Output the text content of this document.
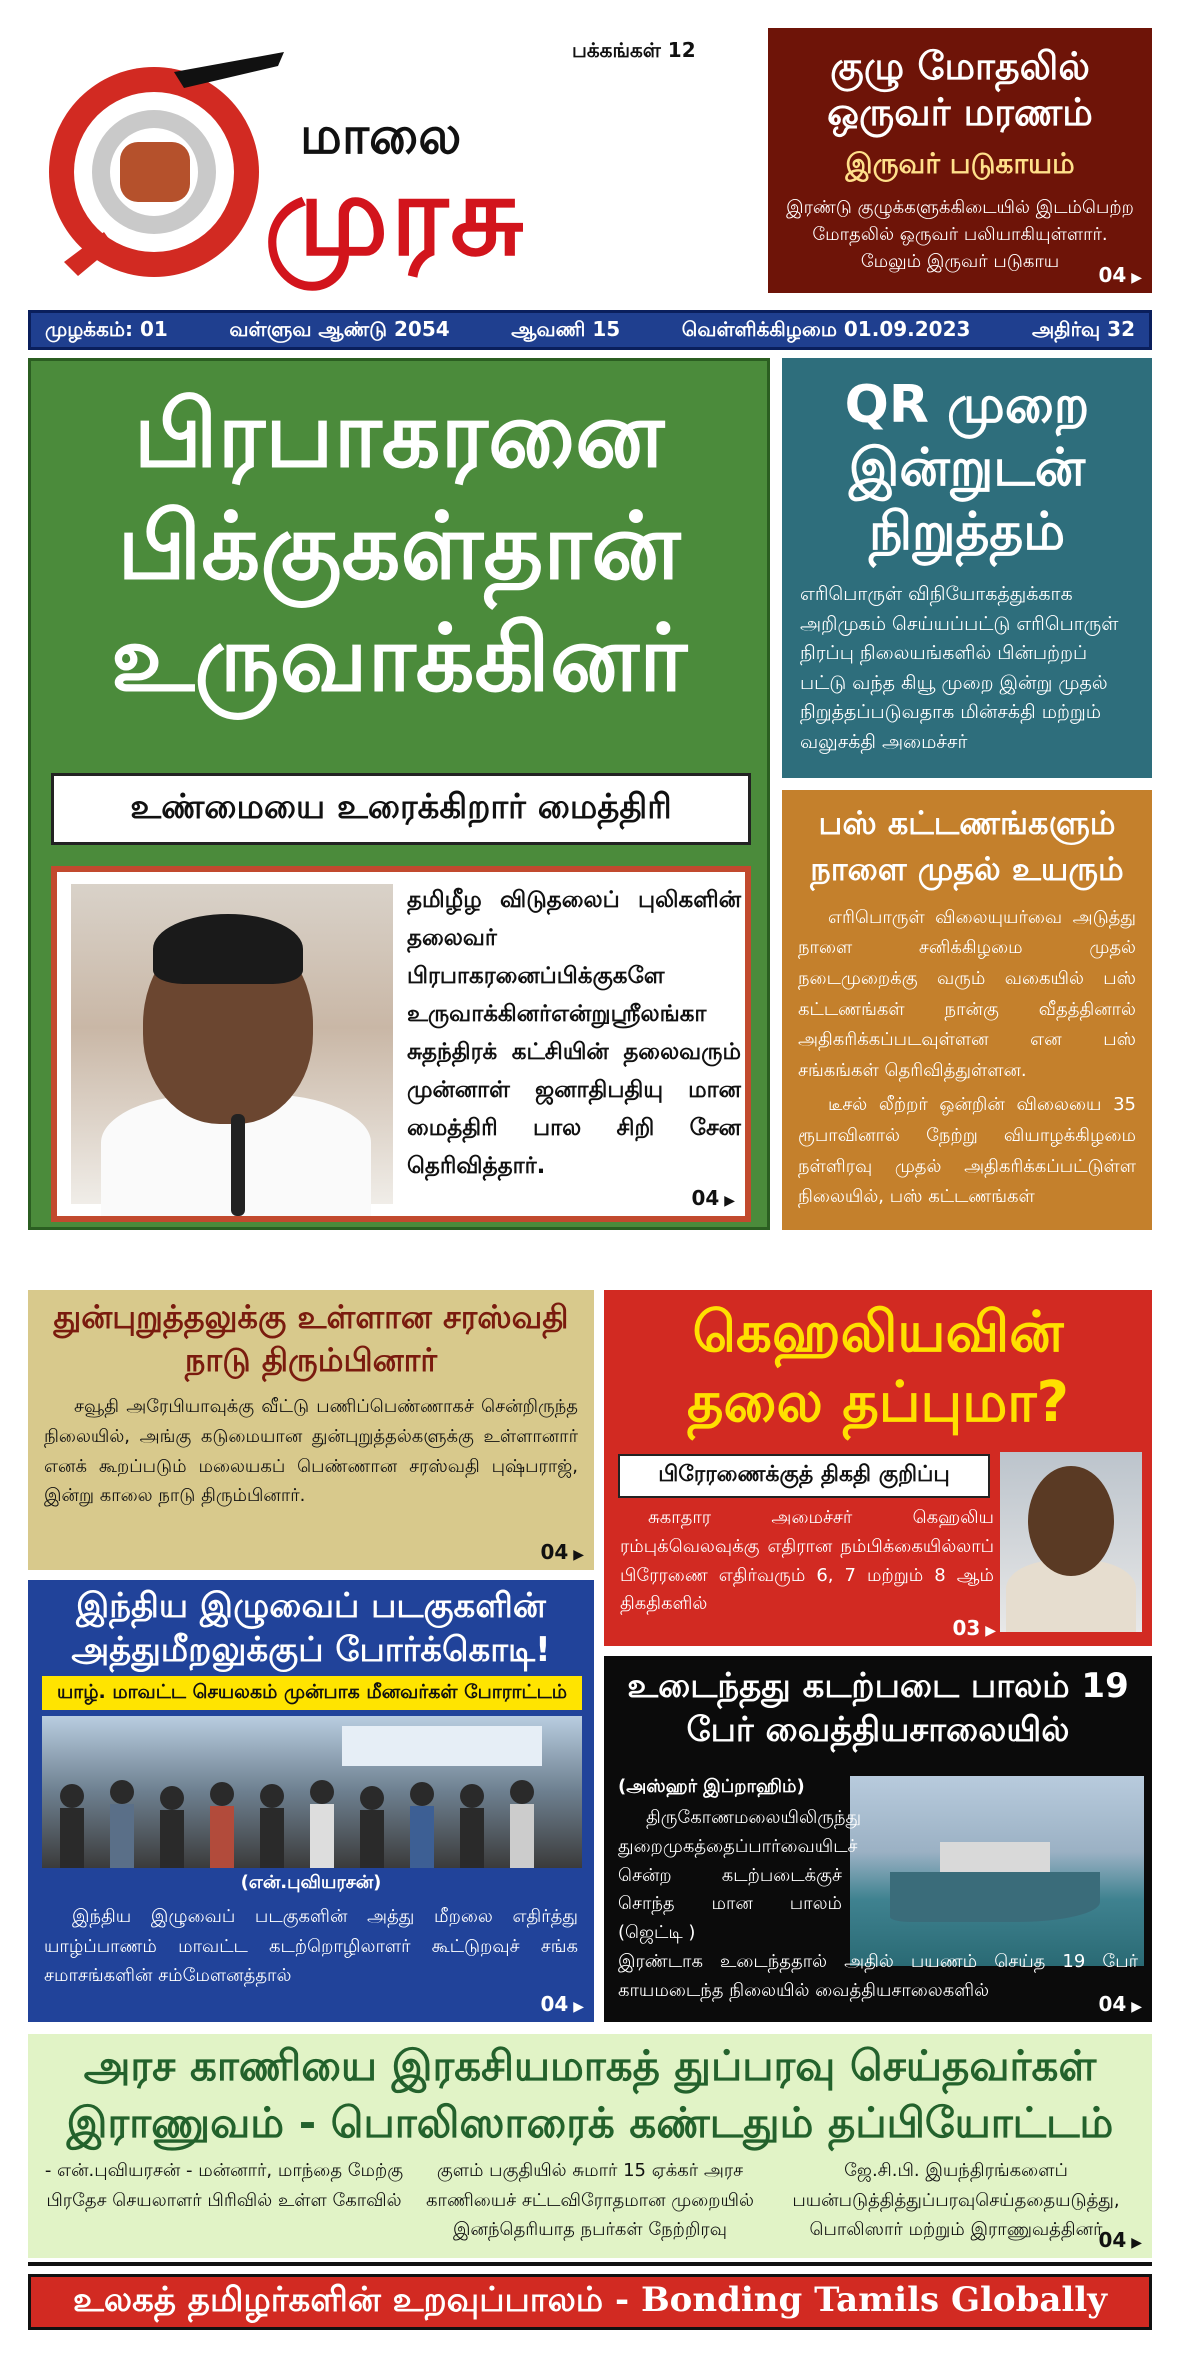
பக்கங்கள் 12
மாலை
முரசு
குழு மோதலில் ஒருவர் மரணம்
இருவர் படுகாயம்
இரண்டு குழுக்களுக்கிடையில் இடம்பெற்ற மோதலில் ஒருவர் பலியாகியுள்ளார். மேலும் இருவர் படுகாய
04 ▶
முழக்கம்: 01	வள்ளுவ ஆண்டு 2054	ஆவணி 15	வெள்ளிக்கிழமை 01.09.2023	அதிர்வு 32
பிரபாகரனை பிக்குகள்தான் உருவாக்கினர்
உண்மையை உரைக்கிறார் மைத்திரி
தமிழீழ விடுதலைப் புலிகளின் தலைவர் பிரபாகரனைப்பிக்குகளே உருவாக்கினர்என்றுஸ்ரீலங்கா சுதந்திரக் கட்சியின் தலைவரும் முன்னாள் ஜனாதிபதியு மான மைத்திரி பால சிறி சேன தெரிவித்தார்.
04 ▶
QR முறை இன்றுடன் நிறுத்தம்
எரிபொருள் விநியோகத்துக்காக அறிமுகம் செய்யப்பட்டு எரிபொருள் நிரப்பு நிலையங்களில் பின்பற்றப் பட்டு வந்த கியூ முறை இன்று முதல் நிறுத்தப்படுவதாக மின்சக்தி மற்றும் வலுசக்தி அமைச்சர்
பஸ் கட்டணங்களும் நாளை முதல் உயரும்
எரிபொருள் விலையுயர்வை அடுத்து நாளை சனிக்கிழமை முதல் நடைமுறைக்கு வரும் வகையில் பஸ் கட்டணங்கள் நான்கு வீதத்தினால் அதிகரிக்கப்படவுள்ளன என பஸ் சங்கங்கள் தெரிவித்துள்ளன.
டீசல் லீற்றர் ஒன்றின் விலையை 35 ரூபாவினால் நேற்று வியாழக்கிழமை நள்ளிரவு முதல் அதிகரிக்கப்பட்டுள்ள நிலையில், பஸ் கட்டணங்கள்
துன்புறுத்தலுக்கு உள்ளான சரஸ்வதி நாடு திரும்பினார்
சவூதி அரேபியாவுக்கு வீட்டு பணிப்பெண்ணாகச் சென்றிருந்த நிலையில், அங்கு கடுமையான துன்புறுத்தல்களுக்கு உள்ளானார் எனக் கூறப்படும் மலையகப் பெண்ணான சரஸ்வதி புஷ்பராஜ், இன்று காலை நாடு திரும்பினார்.
04 ▶
கெஹலியவின் தலை தப்புமா?
பிரேரணைக்குத் திகதி குறிப்பு
சுகாதார அமைச்சர் கெஹலிய ரம்புக்வெலவுக்கு எதிரான நம்பிக்கையில்லாப் பிரேரணை எதிர்வரும் 6, 7 மற்றும் 8 ஆம் திகதிகளில்
03 ▶
இந்திய இழுவைப் படகுகளின் அத்துமீறலுக்குப் போர்க்கொடி!
யாழ். மாவட்ட செயலகம் முன்பாக மீனவர்கள் போராட்டம்
(என்.புவியரசன்)
இந்திய இழுவைப் படகுகளின் அத்து மீறலை எதிர்த்து யாழ்ப்பாணம் மாவட்ட கடற்றொழிலாளர் கூட்டுறவுச் சங்க சமாசங்களின் சம்மேளனத்தால்
04 ▶
உடைந்தது கடற்படை பாலம் 19 பேர் வைத்தியசாலையில்
(அஸ்ஹர் இப்றாஹிம்)
திருகோணமலையிலிருந்து துறைமுகத்தைப்பார்வையிடச் சென்ற கடற்படைக்குச் சொந்த மான பாலம் (ஜெட்டி )
இரண்டாக உடைந்ததால் அதில் பயணம் செய்த 19 பேர் காயமடைந்த நிலையில் வைத்தியசாலைகளில்
04 ▶
அரச காணியை இரகசியமாகத் துப்பரவு செய்தவர்கள்
இராணுவம் - பொலிஸாரைக் கண்டதும் தப்பியோட்டம்
- என்.புவியரசன் - மன்னார், மாந்தை மேற்கு பிரதேச செயலாளர் பிரிவில் உள்ள கோவில்
குளம் பகுதியில் சுமார் 15 ஏக்கர் அரச காணியைச் சட்டவிரோதமான முறையில் இனந்தெரியாத நபர்கள் நேற்றிரவு
ஜே.சி.பி. இயந்திரங்களைப் பயன்படுத்தித்துப்பரவுசெய்ததையடுத்து, பொலிஸார் மற்றும் இராணுவத்தினர்
04 ▶
உலகத் தமிழர்களின் உறவுப்பாலம் - Bonding Tamils Globally
